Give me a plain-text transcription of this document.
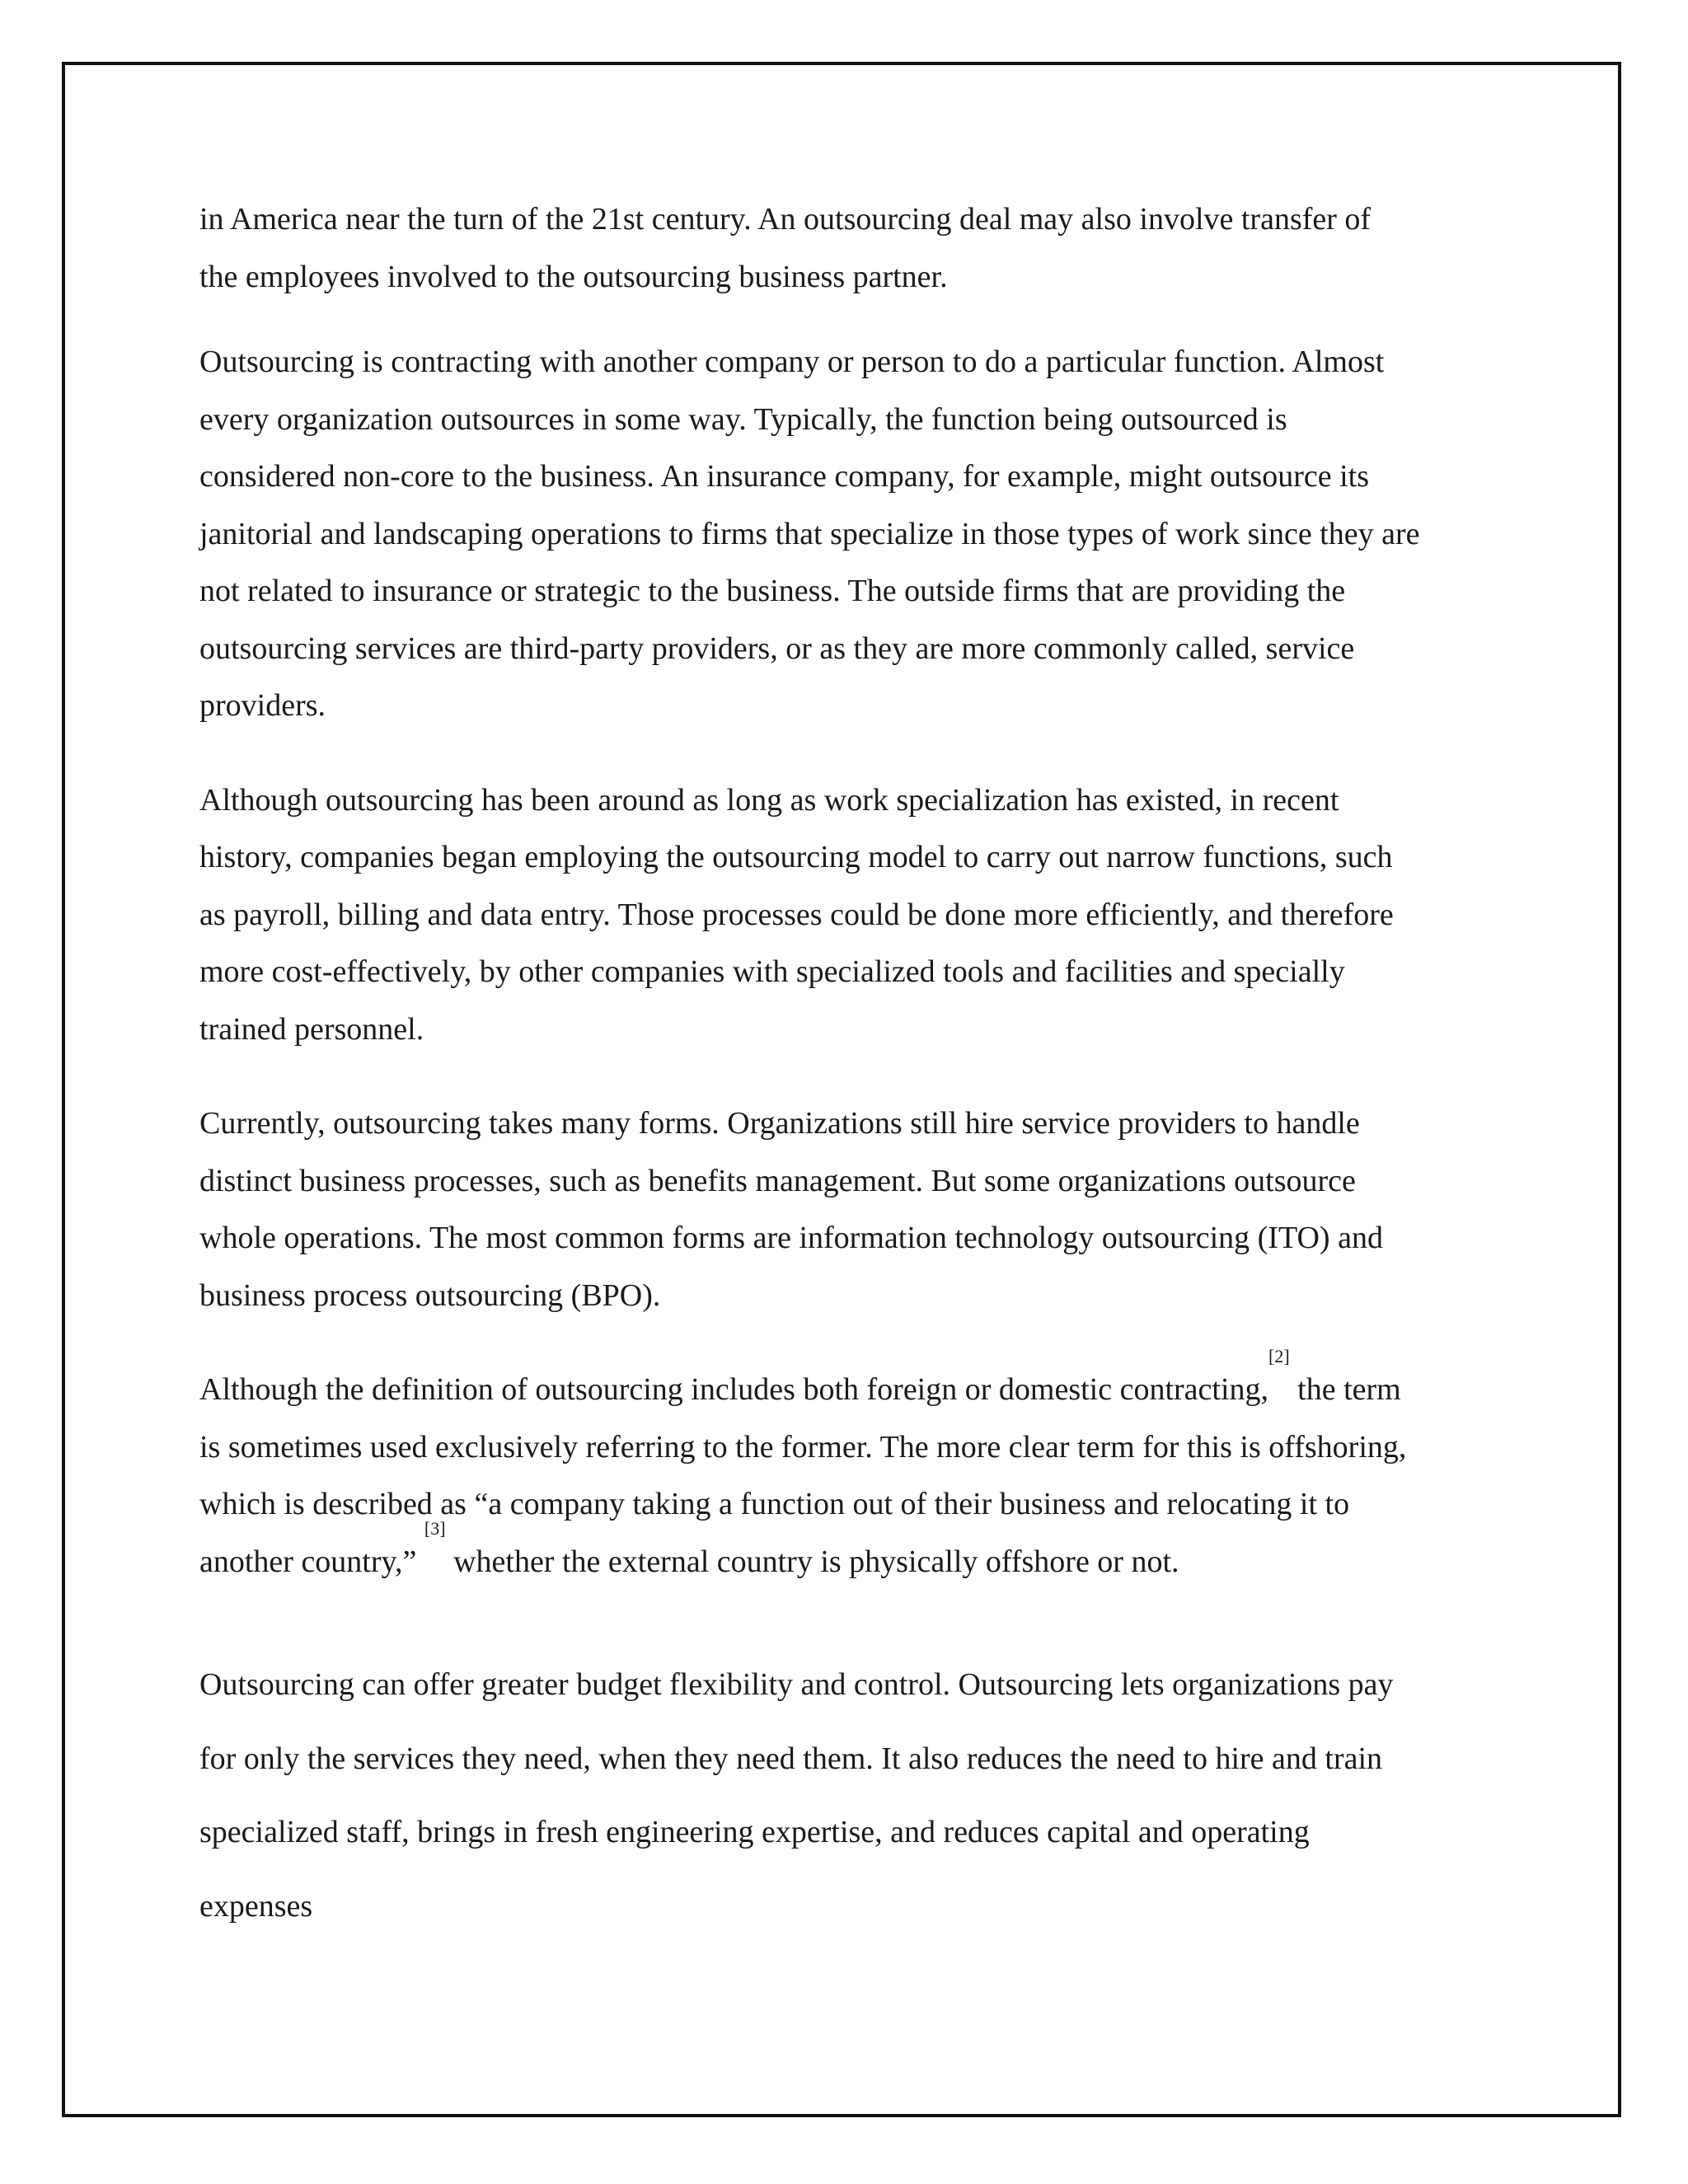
in America near the turn of the 21st century. An outsourcing deal may also involve transfer of
the employees involved to the outsourcing business partner.

Outsourcing is contracting with another company or person to do a particular function. Almost
every organization outsources in some way. Typically, the function being outsourced is
considered non-core to the business. An insurance company, for example, might outsource its
janitorial and landscaping operations to firms that specialize in those types of work since they are
not related to insurance or strategic to the business. The outside firms that are providing the
outsourcing services are third-party providers, or as they are more commonly called, service
providers.

Although outsourcing has been around as long as work specialization has existed, in recent
history, companies began employing the outsourcing model to carry out narrow functions, such
as payroll, billing and data entry. Those processes could be done more efficiently, and therefore
more cost-effectively, by other companies with specialized tools and facilities and specially
trained personnel.

Currently, outsourcing takes many forms. Organizations still hire service providers to handle
distinct business processes, such as benefits management. But some organizations outsource
whole operations. The most common forms are information technology outsourcing (ITO) and
business process outsourcing (BPO).

Although the definition of outsourcing includes both foreign or domestic contracting,[2] the term
is sometimes used exclusively referring to the former. The more clear term for this is offshoring,
which is described as “a company taking a function out of their business and relocating it to
another country,” [3] whether the external country is physically offshore or not.

Outsourcing can offer greater budget flexibility and control. Outsourcing lets organizations pay
for only the services they need, when they need them. It also reduces the need to hire and train
specialized staff, brings in fresh engineering expertise, and reduces capital and operating
expenses
